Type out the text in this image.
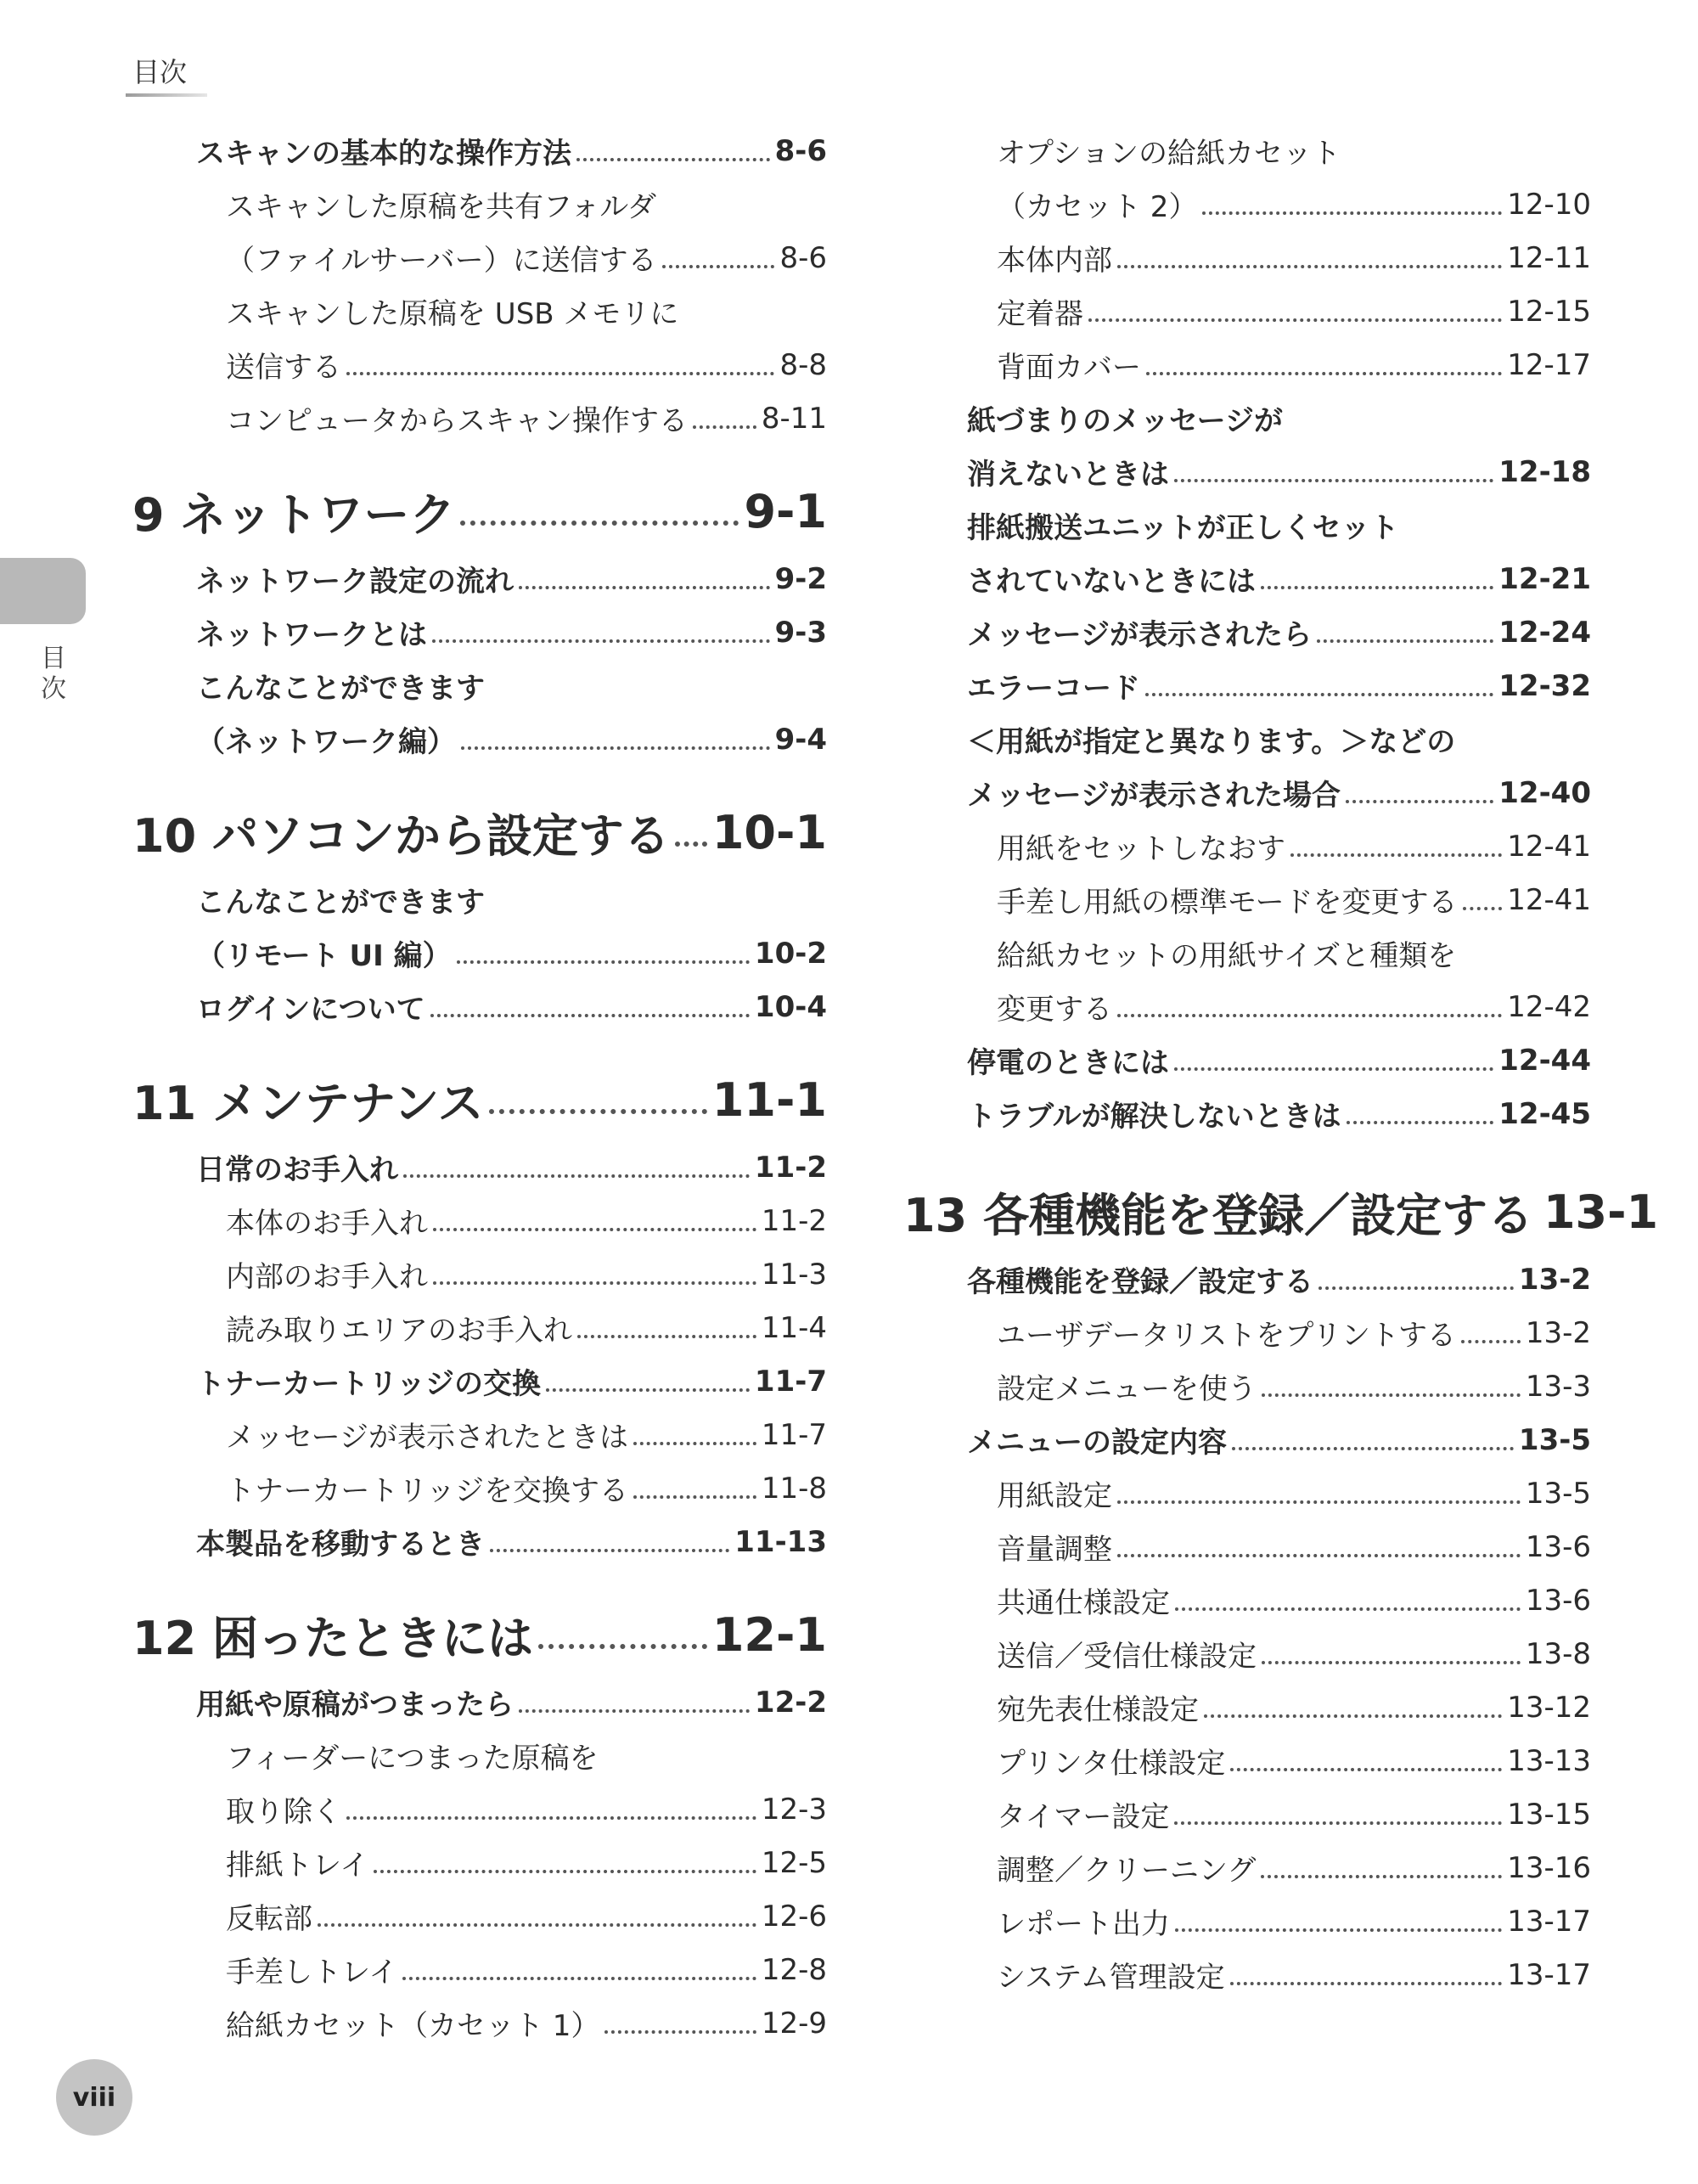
目次
目次
スキャンの基本的な操作方法	8-6
スキャンした原稿を共有フォルダ
（ファイルサーバー）に送信する	8-6
スキャンした原稿を USB メモリに
送信する	8-8
コンピュータからスキャン操作する	8-11
9 ネットワーク	9-1
ネットワーク設定の流れ	9-2
ネットワークとは	9-3
こんなことができます
（ネットワーク編）	9-4
10 パソコンから設定する 10-1
こんなことができます
（リモート UI 編）	10-2
ログインについて	10-4
11 メンテナンス	11-1
日常のお手入れ	11-2
本体のお手入れ	11-2
内部のお手入れ	11-3
読み取りエリアのお手入れ	11-4
トナーカートリッジの交換	11-7
メッセージが表示されたときは	11-7
トナーカートリッジを交換する	11-8
本製品を移動するとき	11-13
12 困ったときには	12-1
用紙や原稿がつまったら	12-2
フィーダーにつまった原稿を
取り除く	12-3
排紙トレイ	12-5
反転部	12-6
手差しトレイ	12-8
給紙カセット（カセット 1）	12-9
オプションの給紙カセット
（カセット 2）	12-10
本体内部	12-11
定着器	12-15
背面カバー	12-17
紙づまりのメッセージが
消えないときは	12-18
排紙搬送ユニットが正しくセット
されていないときには	12-21
メッセージが表示されたら	12-24
エラーコード	12-32
＜用紙が指定と異なります。＞などの
メッセージが表示された場合	12-40
用紙をセットしなおす	12-41
手差し用紙の標準モードを変更する 12-41
給紙カセットの用紙サイズと種類を
変更する	12-42
停電のときには	12-44
トラブルが解決しないときは	12-45
13 各種機能を登録／設定する 13-1
各種機能を登録／設定する	13-2
ユーザデータリストをプリントする 13-2
設定メニューを使う	13-3
メニューの設定内容	13-5
用紙設定	13-5
音量調整	13-6
共通仕様設定	13-6
送信／受信仕様設定	13-8
宛先表仕様設定	13-12
プリンタ仕様設定	13-13
タイマー設定	13-15
調整／クリーニング	13-16
レポート出力	13-17
システム管理設定	13-17
viii
